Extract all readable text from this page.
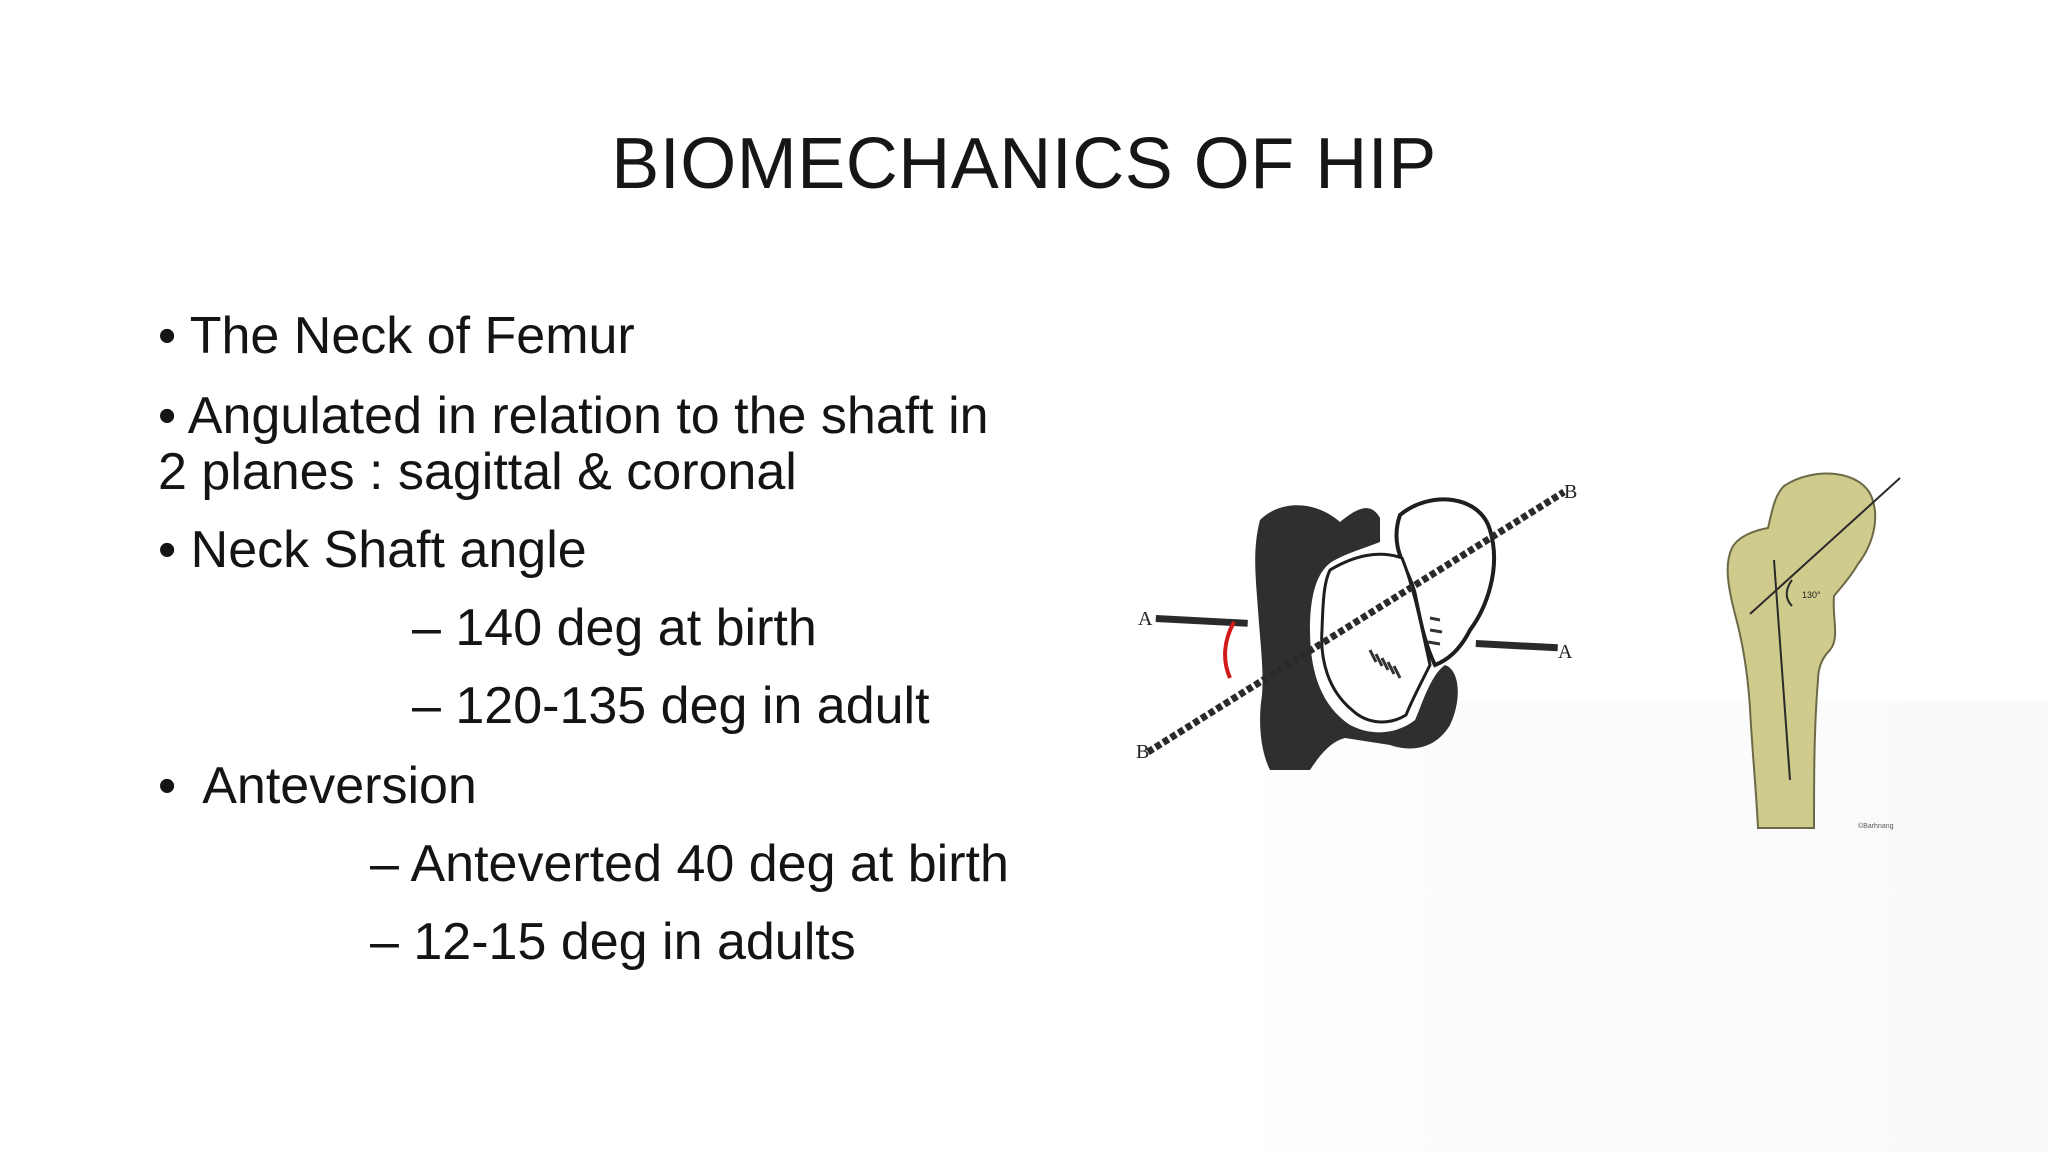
BIOMECHANICS OF HIP
• The Neck of Femur
• Angulated in relation to the shaft in
2 planes : sagittal & coronal
• Neck Shaft angle
– 140 deg at birth
– 120-135 deg in adult
•  Anteversion
– Anteverted 40 deg at birth
– 12-15 deg in adults
A
A
B
B
130°
©Barhnang
